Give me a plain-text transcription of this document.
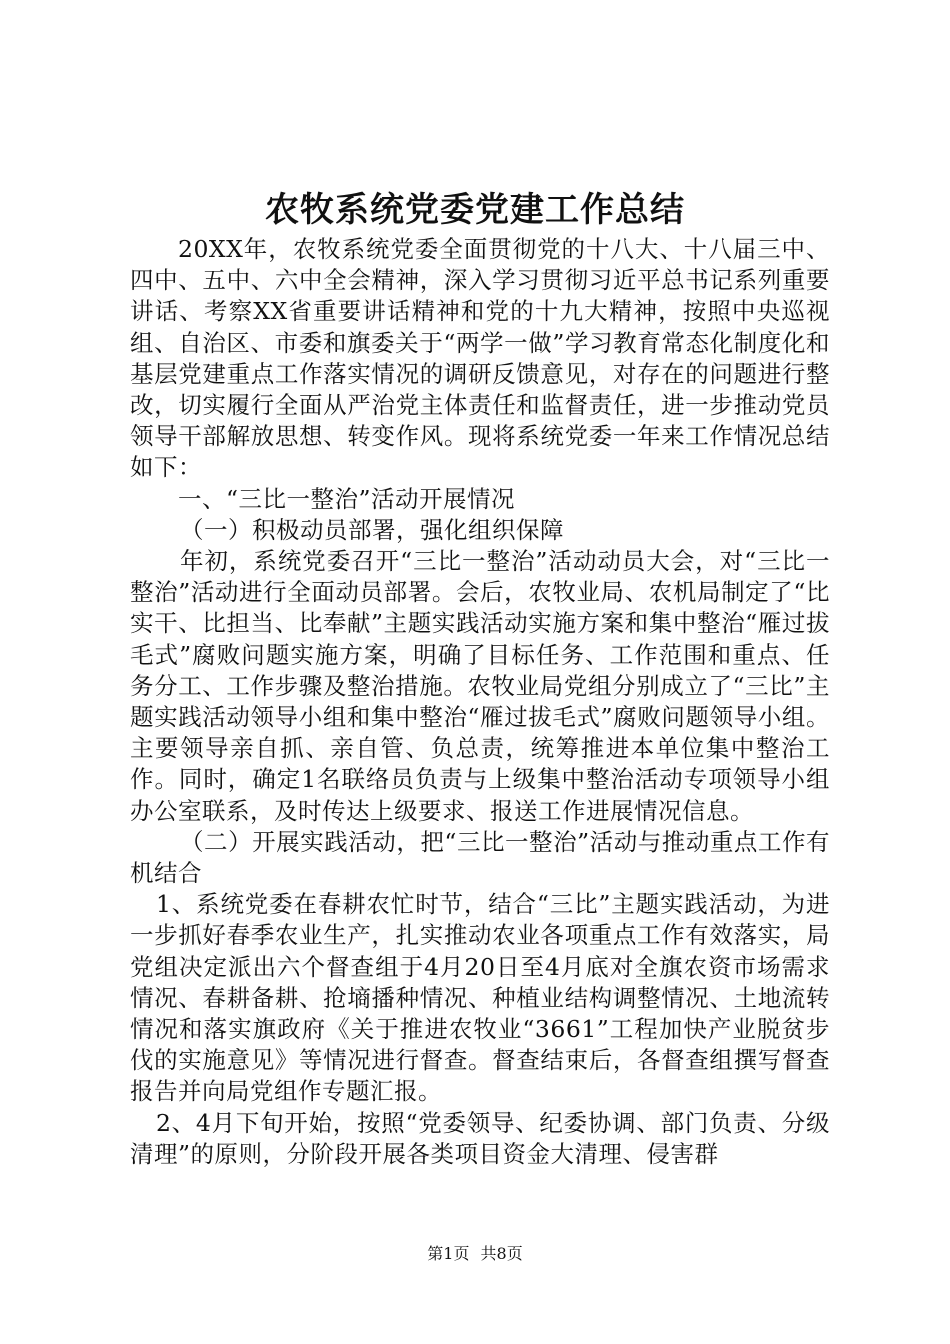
农牧系统党委党建工作总结

20XX年，农牧系统党委全面贯彻党的十八大、十八届三中、四中、五中、六中全会精神，深入学习贯彻习近平总书记系列重要讲话、考察XX省重要讲话精神和党的十九大精神，按照中央巡视组、自治区、市委和旗委关于“两学一做”学习教育常态化制度化和基层党建重点工作落实情况的调研反馈意见，对存在的问题进行整改，切实履行全面从严治党主体责任和监督责任，进一步推动党员领导干部解放思想、转变作风。现将系统党委一年来工作情况总结如下：

一、“三比一整治”活动开展情况

（一）积极动员部署，强化组织保障

年初，系统党委召开“三比一整治”活动动员大会，对“三比一整治”活动进行全面动员部署。会后，农牧业局、农机局制定了“比实干、比担当、比奉献”主题实践活动实施方案和集中整治“雁过拔毛式”腐败问题实施方案，明确了目标任务、工作范围和重点、任务分工、工作步骤及整治措施。农牧业局党组分别成立了“三比”主题实践活动领导小组和集中整治“雁过拔毛式”腐败问题领导小组。主要领导亲自抓、亲自管、负总责，统筹推进本单位集中整治工作。同时，确定1名联络员负责与上级集中整治活动专项领导小组办公室联系，及时传达上级要求、报送工作进展情况信息。

（二）开展实践活动，把“三比一整治”活动与推动重点工作有机结合

1、系统党委在春耕农忙时节，结合“三比”主题实践活动，为进一步抓好春季农业生产，扎实推动农业各项重点工作有效落实，局党组决定派出六个督查组于4月20日至4月底对全旗农资市场需求情况、春耕备耕、抢墒播种情况、种植业结构调整情况、土地流转情况和落实旗政府《关于推进农牧业“3661”工程加快产业脱贫步伐的实施意见》等情况进行督查。督查结束后，各督查组撰写督查报告并向局党组作专题汇报。

2、4月下旬开始，按照“党委领导、纪委协调、部门负责、分级清理”的原则，分阶段开展各类项目资金大清理、侵害群

第1页 共8页
